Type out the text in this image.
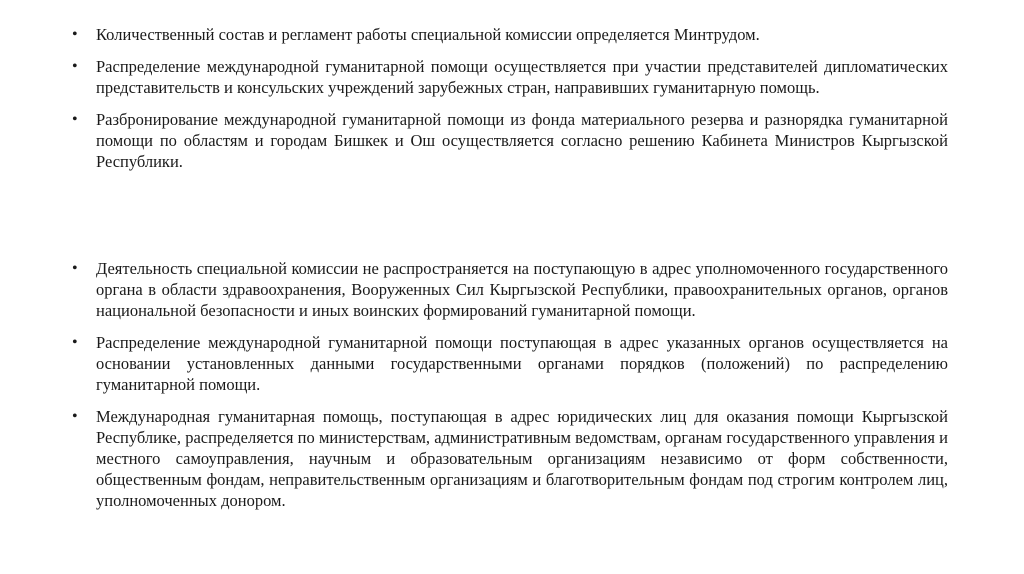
• Количественный состав и регламент работы специальной комиссии определяется Минтрудом.
• Распределение международной гуманитарной помощи осуществляется при участии представителей дипломатических представительств и консульских учреждений зарубежных стран, направивших гуманитарную помощь.
• Разбронирование международной гуманитарной помощи из фонда материального резерва и разнорядка гуманитарной помощи по областям и городам Бишкек и Ош осуществляется согласно решению Кабинета Министров Кыргызской Республики.
• Деятельность специальной комиссии не распространяется на поступающую в адрес уполномоченного государственного органа в области здравоохранения, Вооруженных Сил Кыргызской Республики, правоохранительных органов, органов национальной безопасности и иных воинских формирований гуманитарной помощи.
• Распределение международной гуманитарной помощи поступающая в адрес указанных органов осуществляется на основании установленных данными государственными органами порядков (положений) по распределению гуманитарной помощи.
• Международная гуманитарная помощь, поступающая в адрес юридических лиц для оказания помощи Кыргызской Республике, распределяется по министерствам, административным ведомствам, органам государственного управления и местного самоуправления, научным и образовательным организациям независимо от форм собственности, общественным фондам, неправительственным организациям и благотворительным фондам под строгим контролем лиц, уполномоченных донором.
